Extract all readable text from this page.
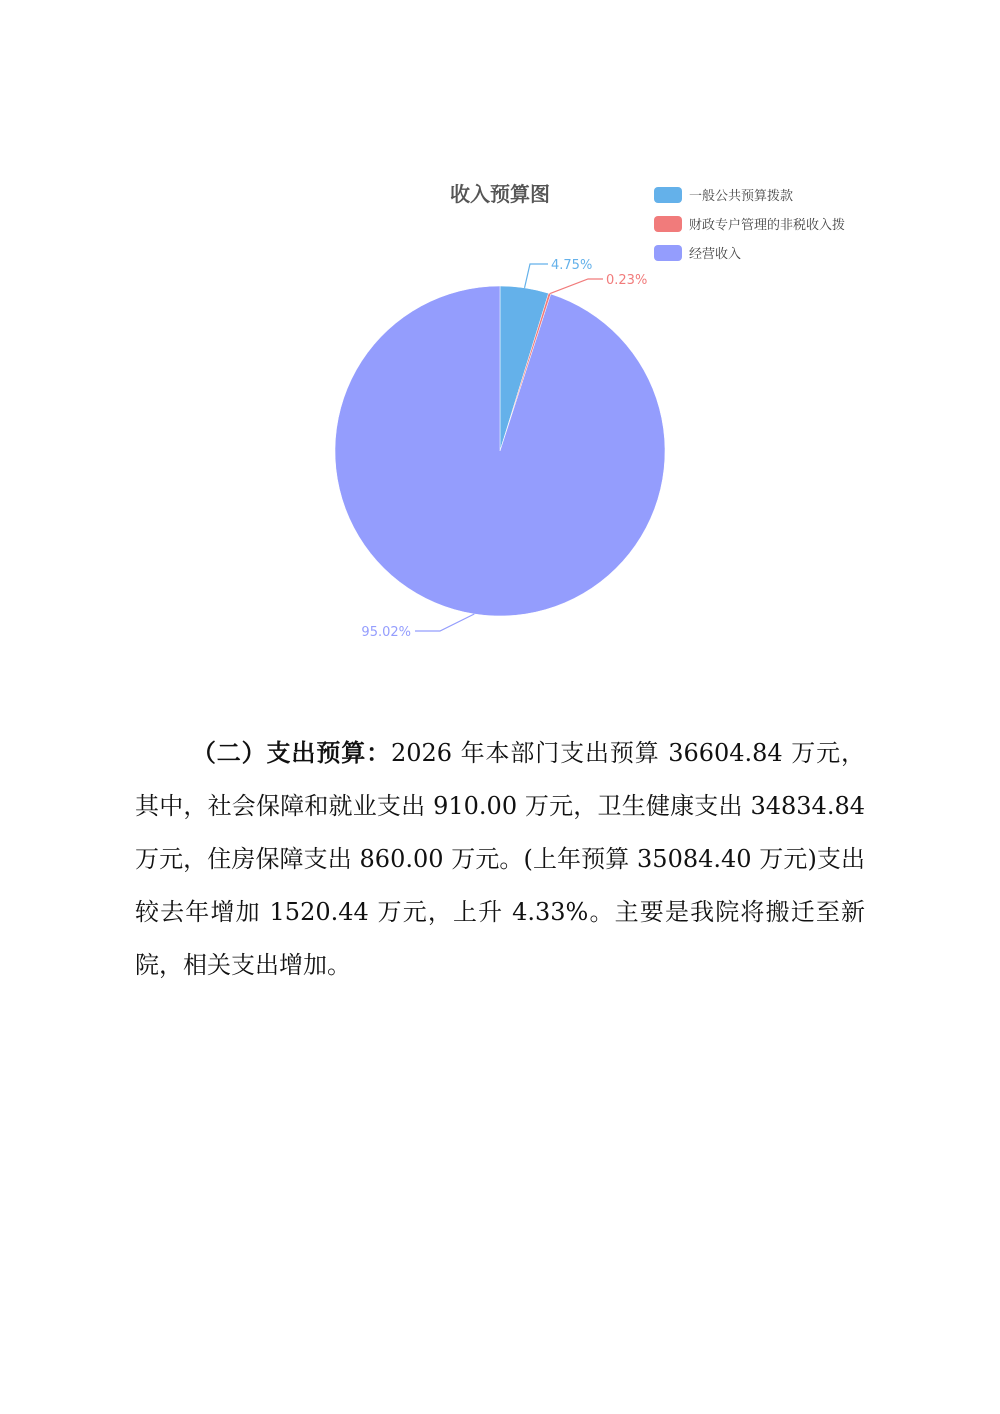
收入预算图
4.75%
0.23%
95.02%
一般公共预算拨款
财政专户管理的非税收入拨
经营收入
（二）支出预算：2026 年本部门支出预算 36604.84 万元，其中，社会保障和就业支出 910.00 万元，卫生健康支出 34834.84 万元，住房保障支出 860.00 万元。(上年预算 35084.40 万元)支出较去年增加 1520.44 万元，上升 4.33%。主要是我院将搬迁至新院，相关支出增加。
